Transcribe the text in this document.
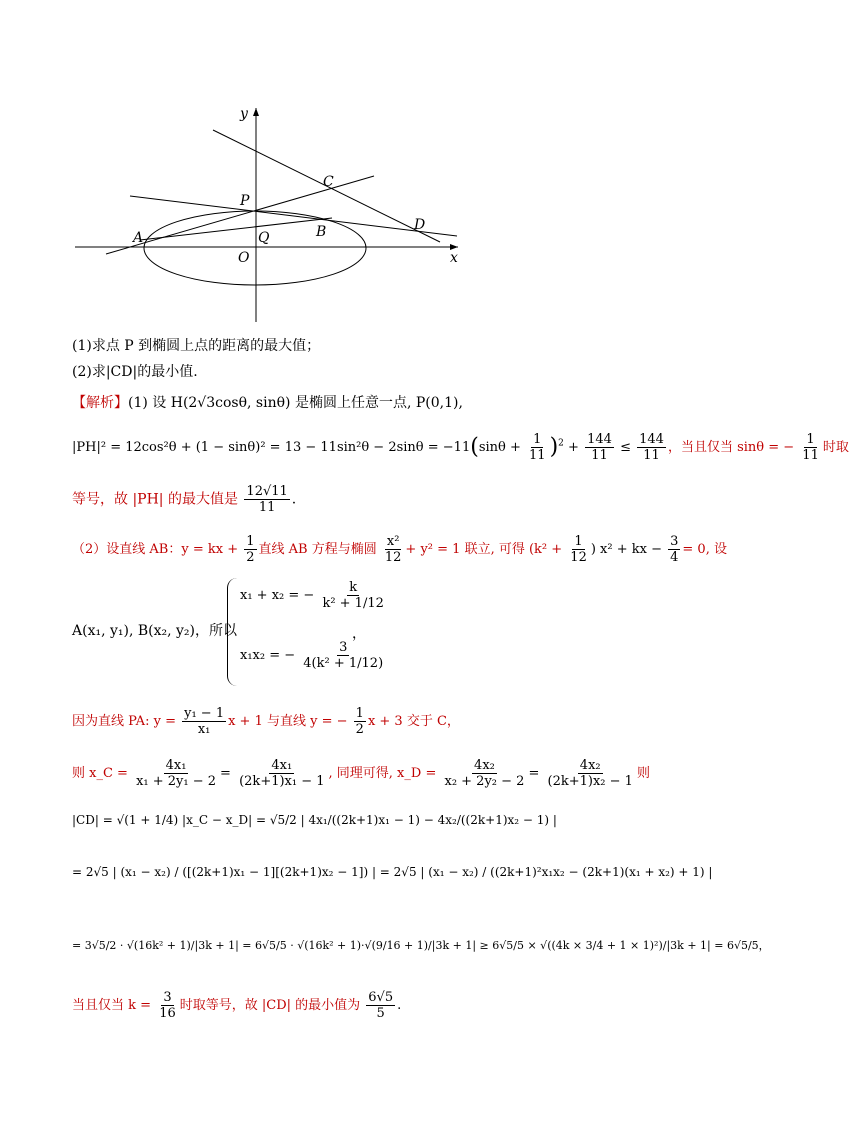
y
x
P
C
D
A	Q	B
O
(1)求点 P 到椭圆上点的距离的最大值；
(2)求|CD|的最小值.
【解析】(1) 设 H(2√3cosθ, sinθ) 是椭圆上任意一点, P(0,1),
$|PH|^2 = 12\cos^2\theta + (1 - \sin\theta)^2 = 13 - 11\sin^2\theta - 2\sin\theta = -11(\sin\theta + \frac{1}{11} )^2 + \frac{144}{11} \le \frac{144}{11}$ ，当且仅当 sinθ = − $\frac{1}{11}$ 时取
等号，故 |PH| 的最大值是 $\frac{12√11}{11}$ .
（2）设直线 AB：y = kx + $\frac{1}{2}$ 直线 AB 方程与椭圆 $\frac{\text{x²}}{12} + y^2 = 1$ 联立, 可得 ($k^2 + \frac{1}{12}$ ) x² + kx − $\frac{3}{4} = 0$, 设
A(x₁, y₁), B(x₂, y₂)，所以
x₁ + x₂ = − $\frac{k}{\text{k² + 1/12}}$
x₁x₂ = − $\frac{3}{\text{4(k² + 1/12)}}$
，
因为直线 PA: $y = \frac{\text{y₁ − 1}}{\text{x₁}}$ x + 1 与直线 y = − $\frac{1}{2}$ x + 3 交于 C，
则 x_C = $\frac{\text{4x₁}}{\text{x₁ + 2y₁ − 2}} = \frac{\text{4x₁}}{\text{(2k+1)x₁ − 1}}$ , 同理可得, x_D = $\frac{\text{4x₂}}{\text{x₂ + 2y₂ − 2}} = \frac{\text{4x₂}}{\text{(2k+1)x₂ − 1}}$ 则
|CD| = √(1 + 1/4) |x_C − x_D| = √5/2 | 4x₁/((2k+1)x₁ − 1) − 4x₂/((2k+1)x₂ − 1) |
= 2√5 | (x₁ − x₂) / ([(2k+1)x₁ − 1][(2k+1)x₂ − 1]) | = 2√5 | (x₁ − x₂) / ((2k+1)²x₁x₂ − (2k+1)(x₁ + x₂) + 1) |
= 3√5/2 · √(16k² + 1)/|3k + 1| = 6√5/5 · √(16k² + 1)·√(9/16 + 1)/|3k + 1| ≥ 6√5/5 × √((4k × 3/4 + 1 × 1)²)/|3k + 1| = 6√5/5，
当且仅当 $k = \frac{3}{16}$ 时取等号，故 |CD| 的最小值为 $\frac{6√5}{5}$ .
